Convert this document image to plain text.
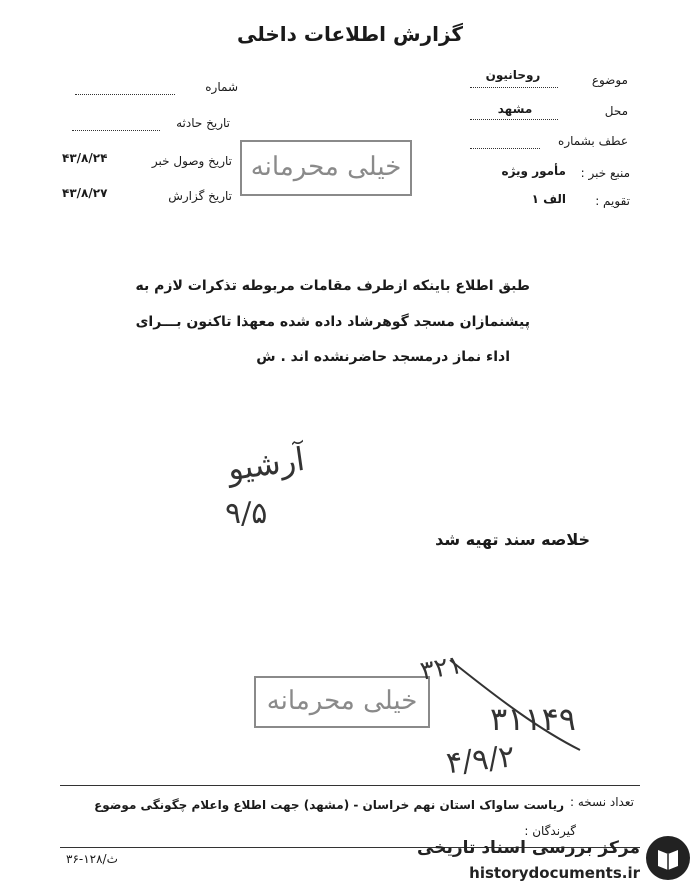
گزارش اطلاعات داخلی
شماره
تاریخ حادثه
تاریخ وصول خبر
۴۳/۸/۲۴
تاریخ گزارش
۴۳/۸/۲۷
خیلی محرمانه
موضوع
روحانیون
محل
مشهد
عطف بشماره
منبع خبر :
مأمور ویژه
تقویم :
الف ۱
طبق اطلاع باینکه ازطرف مقامات مربوطه تذکرات لازم به
پیشنمازان مسجد گوهرشاد داده شده معهذا تاکنون بـــرای
اداء نماز درمسجد حاضرنشده اند . ش
آرشیو
۹/۵
خلاصه سند تهیه شد
خیلی محرمانه
۳۲۱
۳۱۱۴۹
۴/۹/۲
تعداد نسخه :
ریاست ساواک استان نهم خراسان - (مشهد) جهت اطلاع واعلام چگونگی موضوع
گیرندگان :
۳۶-۱۲۸/ث
مرکز بررسی اسناد تاریخی
historydocuments.ir
